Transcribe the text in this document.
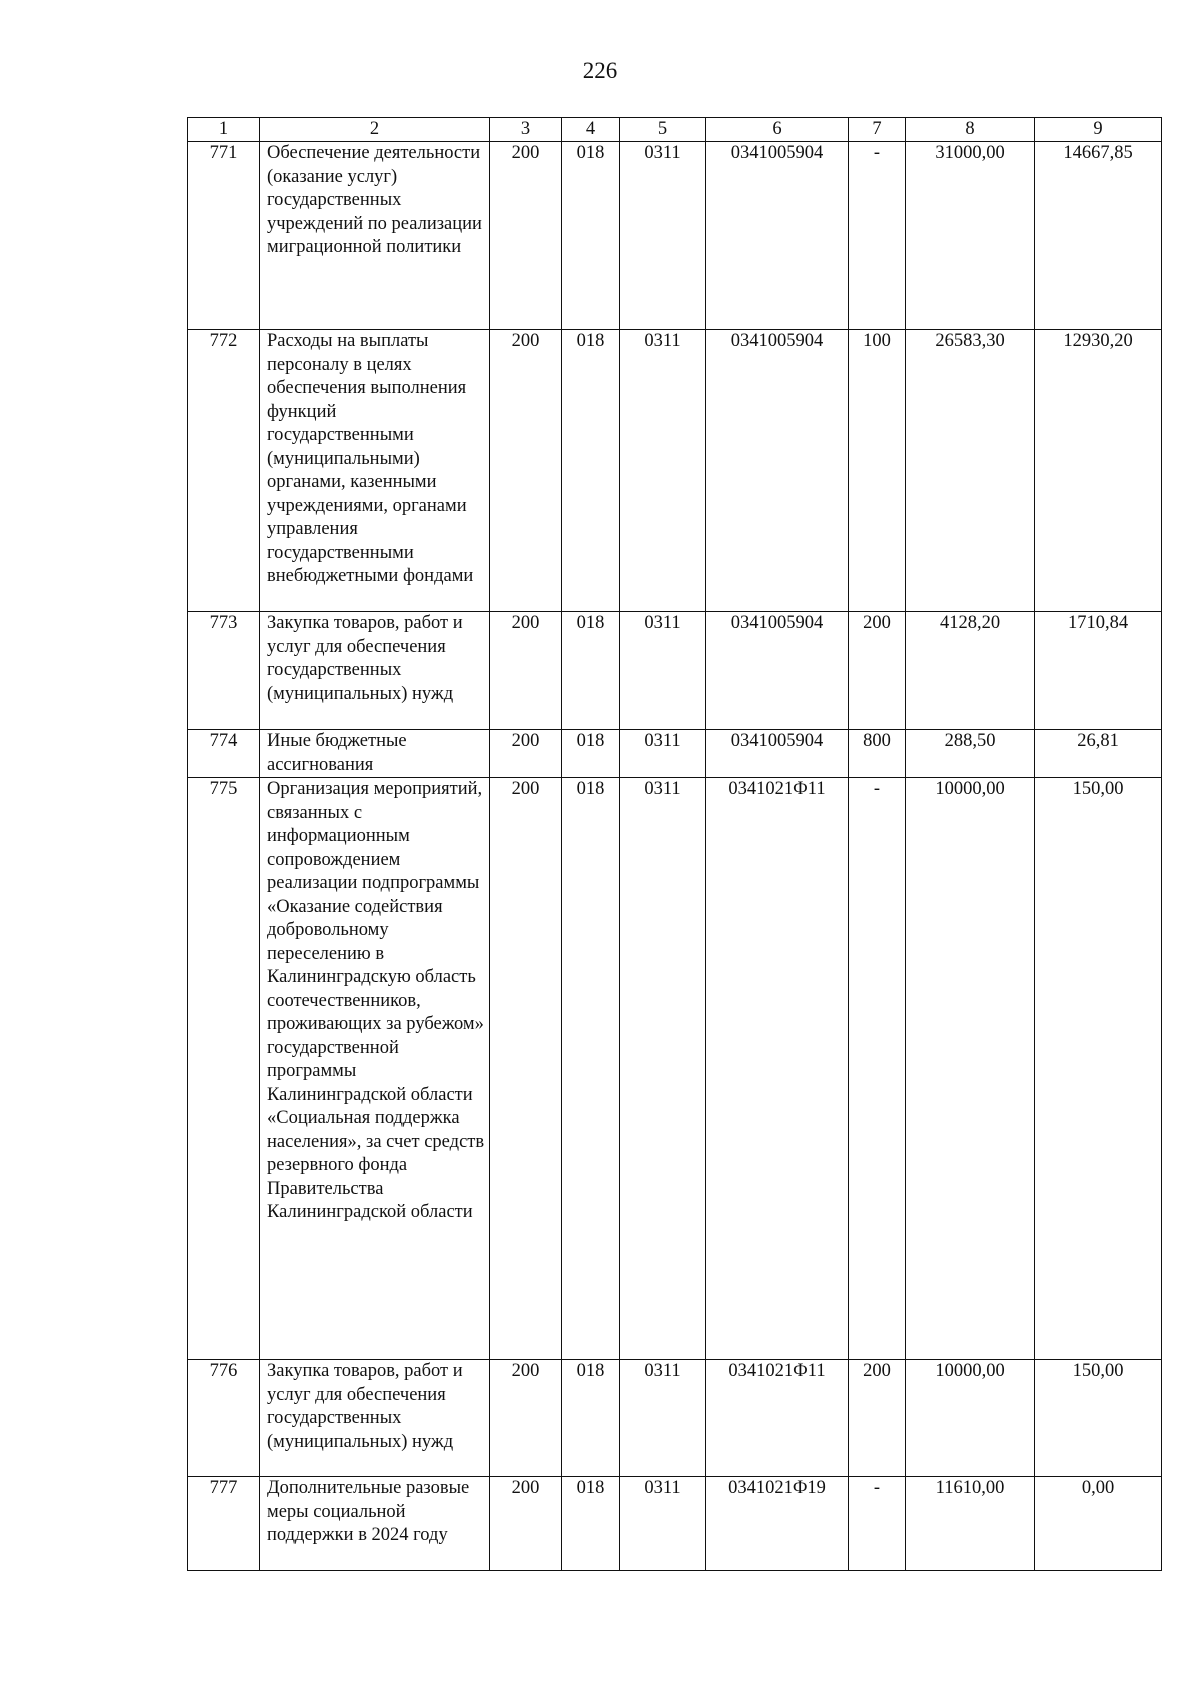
226
1	2	3	4	5	6	7	8	9
771	Обеспечение деятельности (оказание услуг) государственных учреждений по реализации миграционной политики	200	018	0311	0341005904	-	31000,00	14667,85
772	Расходы на выплаты персоналу в целях обеспечения выполнения функций государственными (муниципальными) органами, казенными учреждениями, органами управления государственными внебюджетными фондами	200	018	0311	0341005904	100	26583,30	12930,20
773	Закупка товаров, работ и услуг для обеспечения государственных (муниципальных) нужд	200	018	0311	0341005904	200	4128,20	1710,84
774	Иные бюджетные ассигнования	200	018	0311	0341005904	800	288,50	26,81
775	Организация мероприятий, связанных с информационным сопровождением реализации подпрограммы «Оказание содействия добровольному переселению в Калининградскую область соотечественников, проживающих за рубежом» государственной программы Калининградской области «Социальная поддержка населения», за счет средств резервного фонда Правительства Калининградской области	200	018	0311	0341021Ф11	-	10000,00	150,00
776	Закупка товаров, работ и услуг для обеспечения государственных (муниципальных) нужд	200	018	0311	0341021Ф11	200	10000,00	150,00
777	Дополнительные разовые меры социальной поддержки в 2024 году	200	018	0311	0341021Ф19	-	11610,00	0,00
